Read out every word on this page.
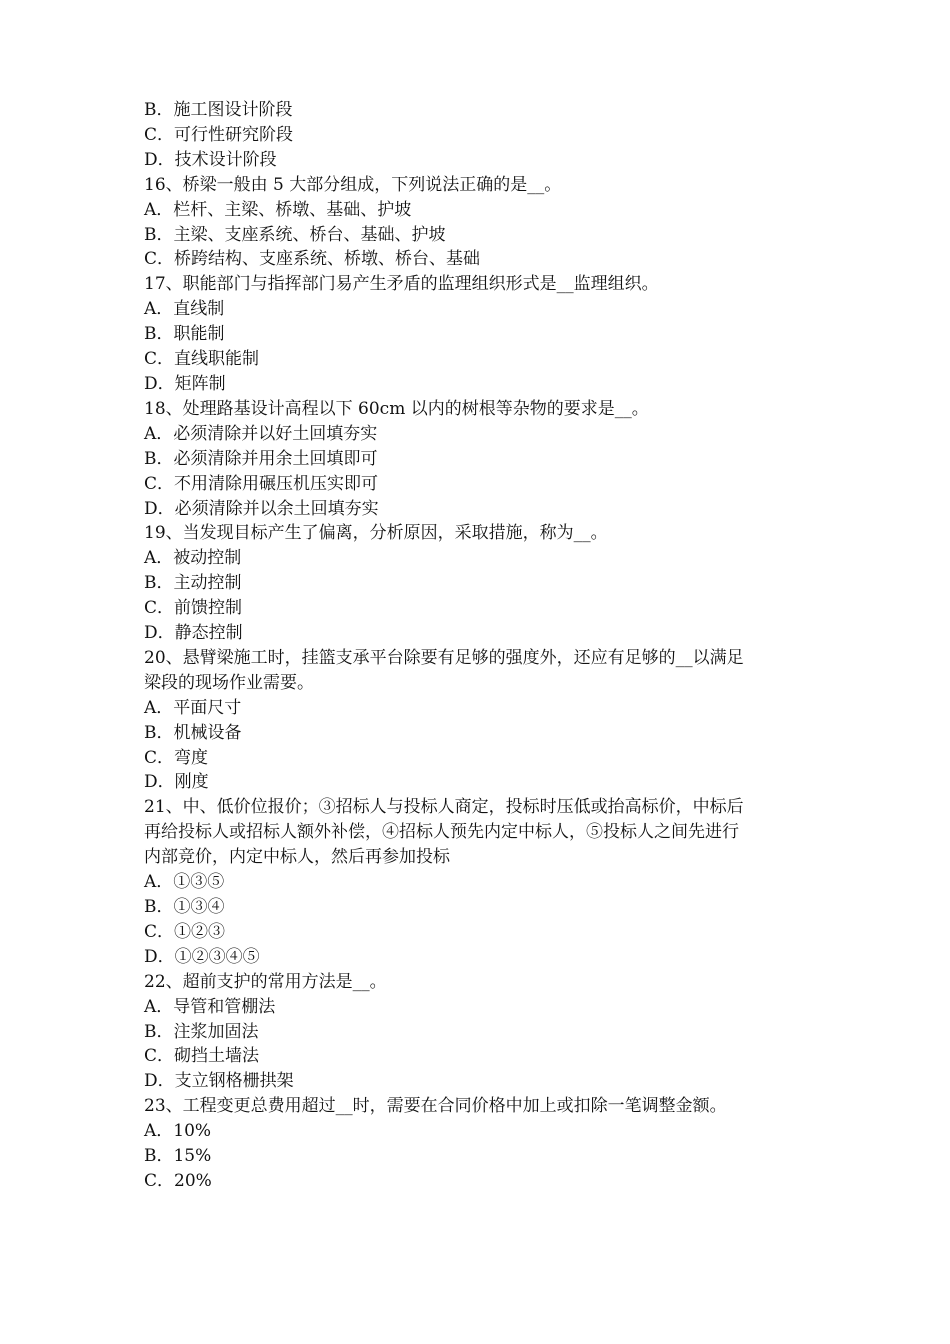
B．施工图设计阶段

C．可行性研究阶段

D．技术设计阶段

16、桥梁一般由 5 大部分组成，下列说法正确的是__。

A．栏杆、主梁、桥墩、基础、护坡

B．主梁、支座系统、桥台、基础、护坡

C．桥跨结构、支座系统、桥墩、桥台、基础

17、职能部门与指挥部门易产生矛盾的监理组织形式是__监理组织。

A．直线制

B．职能制

C．直线职能制

D．矩阵制

18、处理路基设计高程以下 60cm 以内的树根等杂物的要求是__。

A．必须清除并以好土回填夯实

B．必须清除并用余土回填即可

C．不用清除用碾压机压实即可

D．必须清除并以余土回填夯实

19、当发现目标产生了偏离，分析原因，采取措施，称为__。

A．被动控制

B．主动控制

C．前馈控制

D．静态控制

20、悬臂梁施工时，挂篮支承平台除要有足够的强度外，还应有足够的__以满足

梁段的现场作业需要。

A．平面尺寸

B．机械设备

C．弯度

D．刚度

21、中、低价位报价；③招标人与投标人商定，投标时压低或抬高标价，中标后

再给投标人或招标人额外补偿，④招标人预先内定中标人，⑤投标人之间先进行

内部竞价，内定中标人，然后再参加投标

A．①③⑤

B．①③④

C．①②③

D．①②③④⑤

22、超前支护的常用方法是__。

A．导管和管棚法

B．注浆加固法

C．砌挡土墙法

D．支立钢格栅拱架

23、工程变更总费用超过__时，需要在合同价格中加上或扣除一笔调整金额。

A．10%

B．15%

C．20%
